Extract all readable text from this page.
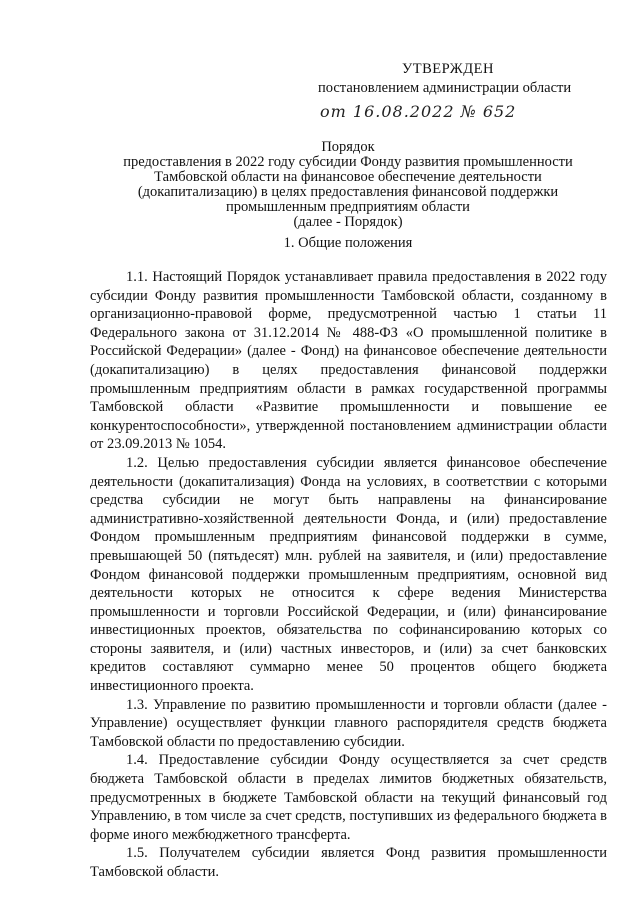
УТВЕРЖДЕН
постановлением администрации области
от 16.08.2022 № 652
Порядок
предоставления в 2022 году субсидии Фонду развития промышленности
Тамбовской области на финансовое обеспечение деятельности
(докапитализацию) в целях предоставления финансовой поддержки
промышленным предприятиям области
(далее - Порядок)
1. Общие положения

1.1. Настоящий Порядок устанавливает правила предоставления в 2022 году субсидии Фонду развития промышленности Тамбовской области, созданному в организационно-правовой форме, предусмотренной частью 1 статьи 11 Федерального закона от 31.12.2014 № 488-ФЗ «О промышленной политике в Российской Федерации» (далее - Фонд) на финансовое обеспечение деятельности (докапитализацию) в целях предоставления финансовой поддержки промышленным предприятиям области в рамках государственной программы Тамбовской области «Развитие промышленности и повышение ее конкурентоспособности», утвержденной постановлением администрации области от 23.09.2013 № 1054.

1.2. Целью предоставления субсидии является финансовое обеспечение деятельности (докапитализация) Фонда на условиях, в соответствии с которыми средства субсидии не могут быть направлены на финансирование административно-хозяйственной деятельности Фонда, и (или) предоставление Фондом промышленным предприятиям финансовой поддержки в сумме, превышающей 50 (пятьдесят) млн. рублей на заявителя, и (или) предоставление Фондом финансовой поддержки промышленным предприятиям, основной вид деятельности которых не относится к сфере ведения Министерства промышленности и торговли Российской Федерации, и (или) финансирование инвестиционных проектов, обязательства по софинансированию которых со стороны заявителя, и (или) частных инвесторов, и (или) за счет банковских кредитов составляют суммарно менее 50 процентов общего бюджета инвестиционного проекта.

1.3. Управление по развитию промышленности и торговли области (далее - Управление) осуществляет функции главного распорядителя средств бюджета Тамбовской области по предоставлению субсидии.

1.4. Предоставление субсидии Фонду осуществляется за счет средств бюджета Тамбовской области в пределах лимитов бюджетных обязательств, предусмотренных в бюджете Тамбовской области на текущий финансовый год Управлению, в том числе за счет средств, поступивших из федерального бюджета в форме иного межбюджетного трансферта.

1.5. Получателем субсидии является Фонд развития промышленности Тамбовской области.
